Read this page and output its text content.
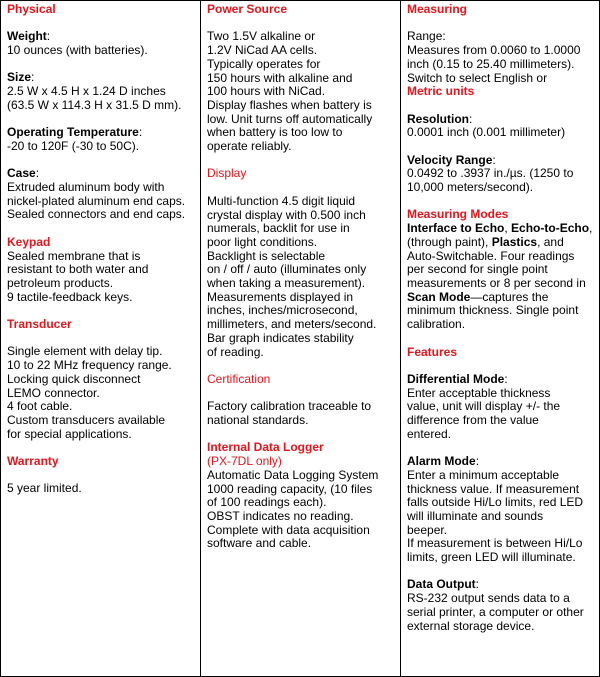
Physical

Weight:

10 ounces (with batteries).

Size:

2.5 W x 4.5 H x 1.24 D inches
(63.5 W x 114.3 H x 31.5 D mm).

Operating Temperature:

-20 to 120F (-30 to 50C).

Case:

Extruded aluminum body with
nickel-plated aluminum end caps.
Sealed connectors and end caps.

Keypad

Sealed membrane that is
resistant to both water and
petroleum products.
9 tactile-feedback keys.

Transducer

Single element with delay tip.
10 to 22 MHz frequency range.
Locking quick disconnect
LEMO connector.
4 foot cable.
Custom transducers available
for special applications.

Warranty

5 year limited.

Power Source

Two 1.5V alkaline or
1.2V NiCad AA cells.
Typically operates for
150 hours with alkaline and
100 hours with NiCad.
Display flashes when battery is
low. Unit turns off automatically
when battery is too low to
operate reliably.

Display

Multi-function 4.5 digit liquid
crystal display with 0.500 inch
numerals, backlit for use in
poor light conditions.
Backlight is selectable
on / off / auto (illuminates only
when taking a measurement).
Measurements displayed in
inches, inches/microsecond,
millimeters, and meters/second.
Bar graph indicates stability
of reading.

Certification

Factory calibration traceable to
national standards.

Internal Data Logger

(PX-7DL only)

Automatic Data Logging System
1000 reading capacity, (10 files
of 100 readings each).
OBST indicates no reading.
Complete with data acquisition
software and cable.

Measuring

Range:
Measures from 0.0060 to 1.0000
inch (0.15 to 25.40 millimeters).
Switch to select English or

Metric units

Resolution:

0.0001 inch (0.001 millimeter)

Velocity Range:

0.0492 to .3937 in./µs. (1250 to
10,000 meters/second).

Measuring Modes

Interface to Echo, Echo-to-Echo, (through paint), Plastics, and Auto-Switchable. Four readings per second for single point measurements or 8 per second in Scan Mode—captures the minimum thickness. Single point calibration.

Features

Differential Mode:

Enter acceptable thickness
value, unit will display +/- the
difference from the value
entered.

Alarm Mode:

Enter a minimum acceptable
thickness value. If measurement
falls outside Hi/Lo limits, red LED
will illuminate and sounds
beeper.
If measurement is between Hi/Lo
limits, green LED will illuminate.

Data Output:

RS-232 output sends data to a
serial printer, a computer or other
external storage device.
